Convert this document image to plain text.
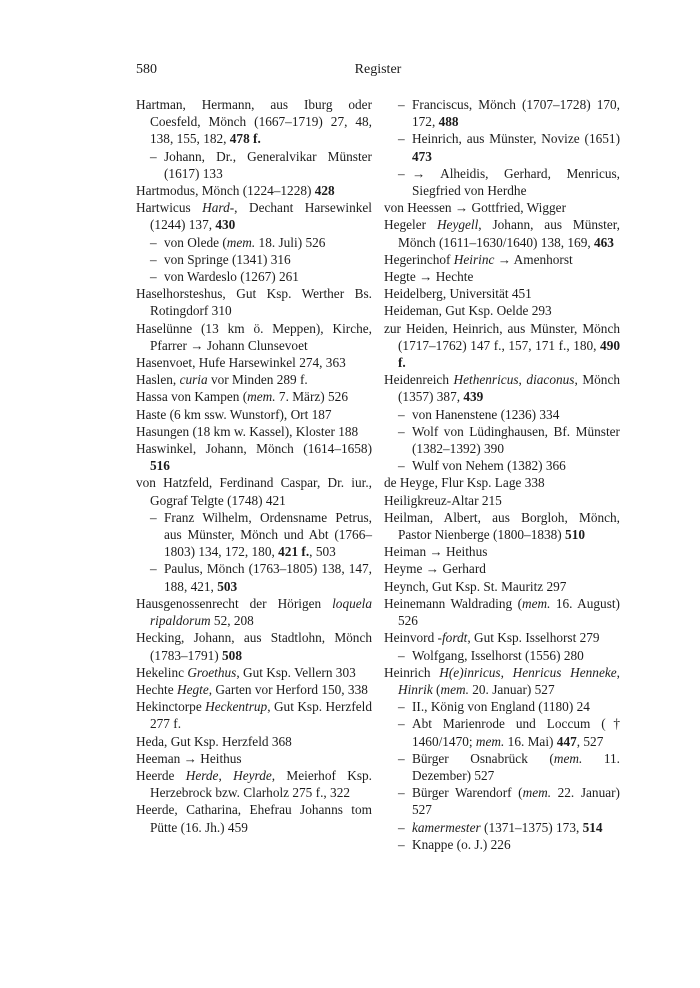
580	Register

Hartman, Hermann, aus Iburg oder Coesfeld, Mönch (1667–1719) 27, 48, 138, 155, 182, 478 f.

– Johann, Dr., Generalvikar Münster (1617) 133

Hartmodus, Mönch (1224–1228) 428

Hartwicus Hard-, Dechant Harsewinkel (1244) 137, 430

– von Olede (mem. 18. Juli) 526

– von Springe (1341) 316

– von Wardeslo (1267) 261

Haselhorsteshus, Gut Ksp. Werther Bs. Rotingdorf 310

Haselünne (13 km ö. Meppen), Kirche, Pfarrer → Johann Clunsevoet

Hasenvoet, Hufe Harsewinkel 274, 363

Haslen, curia vor Minden 289 f.

Hassa von Kampen (mem. 7. März) 526

Haste (6 km ssw. Wunstorf), Ort 187

Hasungen (18 km w. Kassel), Kloster 188

Haswinkel, Johann, Mönch (1614–1658) 516

von Hatzfeld, Ferdinand Caspar, Dr. iur., Gograf Telgte (1748) 421

– Franz Wilhelm, Ordensname Petrus, aus Münster, Mönch und Abt (1766–1803) 134, 172, 180, 421 f., 503

– Paulus, Mönch (1763–1805) 138, 147, 188, 421, 503

Hausgenossenrecht der Hörigen loquela ripaldorum 52, 208

Hecking, Johann, aus Stadtlohn, Mönch (1783–1791) 508

Hekelinc Groethus, Gut Ksp. Vellern 303

Hechte Hegte, Garten vor Herford 150, 338

Hekinctorpe Heckentrup, Gut Ksp. Herzfeld 277 f.

Heda, Gut Ksp. Herzfeld 368

Heeman → Heithus

Heerde Herde, Heyrde, Meierhof Ksp. Herzebrock bzw. Clarholz 275 f., 322

Heerde, Catharina, Ehefrau Johanns tom Pütte (16. Jh.) 459

– Franciscus, Mönch (1707–1728) 170, 172, 488

– Heinrich, aus Münster, Novize (1651) 473

– → Alheidis, Gerhard, Menricus, Siegfried von Herdhe

von Heessen → Gottfried, Wigger

Hegeler Heygell, Johann, aus Münster, Mönch (1611–1630/1640) 138, 169, 463

Hegerinchof Heirinc → Amenhorst

Hegte → Hechte

Heidelberg, Universität 451

Heideman, Gut Ksp. Oelde 293

zur Heiden, Heinrich, aus Münster, Mönch (1717–1762) 147 f., 157, 171 f., 180, 490 f.

Heidenreich Hethenricus, diaconus, Mönch (1357) 387, 439

– von Hanenstene (1236) 334

– Wolf von Lüdinghausen, Bf. Münster (1382–1392) 390

– Wulf von Nehem (1382) 366

de Heyge, Flur Ksp. Lage 338

Heiligkreuz-Altar 215

Heilman, Albert, aus Borgloh, Mönch, Pastor Nienberge (1800–1838) 510

Heiman → Heithus

Heyme → Gerhard

Heynch, Gut Ksp. St. Mauritz 297

Heinemann Waldrading (mem. 16. August) 526

Heinvord -fordt, Gut Ksp. Isselhorst 279

– Wolfgang, Isselhorst (1556) 280

Heinrich H(e)inricus, Henricus Henneke, Hinrik (mem. 20. Januar) 527

– II., König von England (1180) 24

– Abt Marienrode und Loccum († 1460/1470; mem. 16. Mai) 447, 527

– Bürger Osnabrück (mem. 11. Dezember) 527

– Bürger Warendorf (mem. 22. Januar) 527

– kamermester (1371–1375) 173, 514

– Knappe (o. J.) 226
